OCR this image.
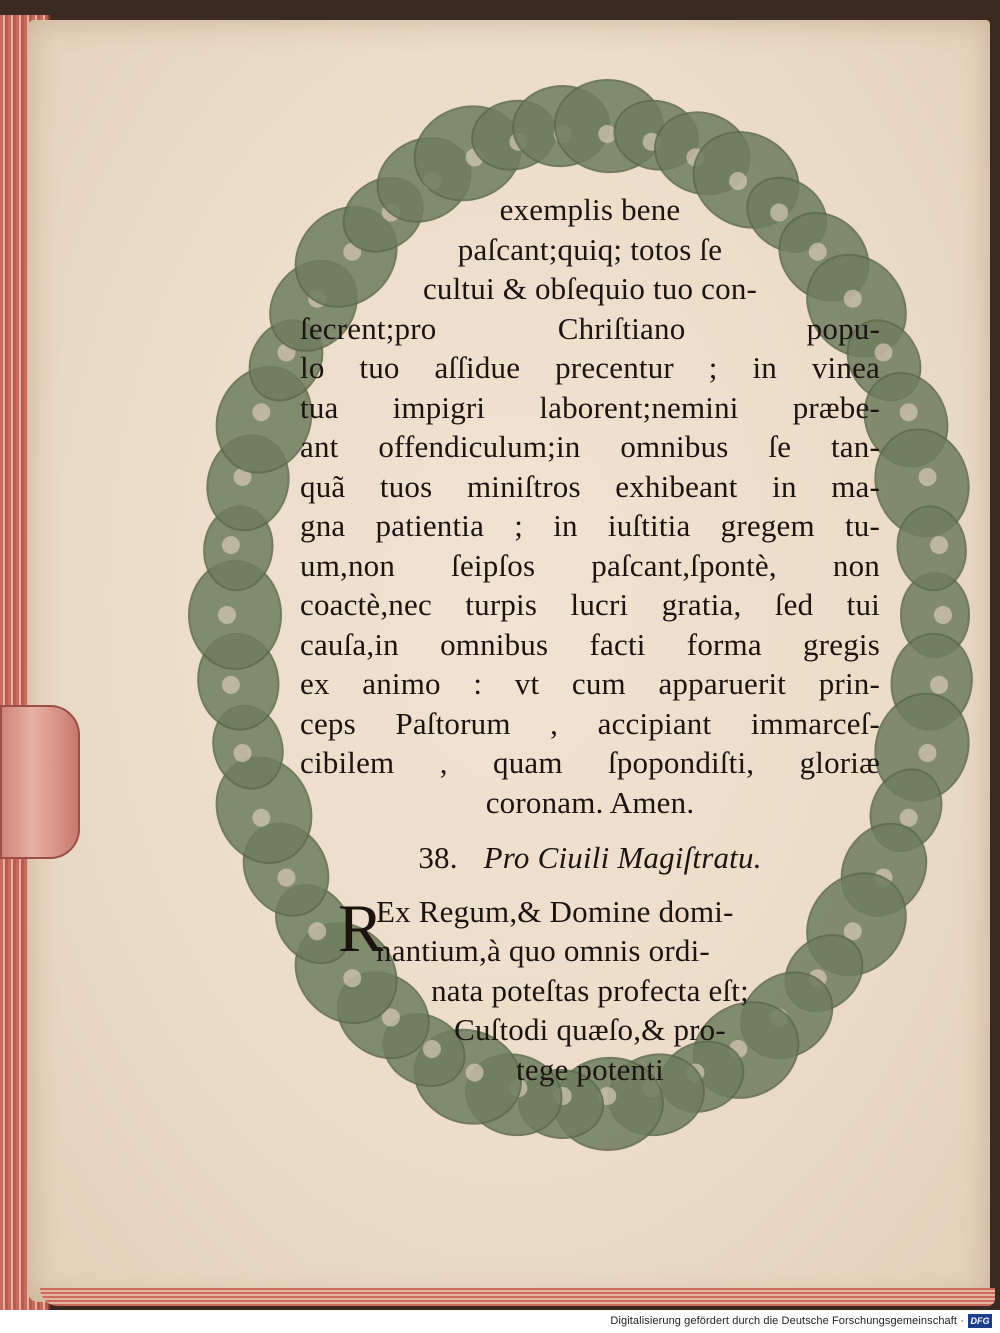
exemplis bene
paſcant;quiq; totos ſe
cultui & obſequio tuo con-
ſecrent;pro Chriſtiano popu-
lo tuo aſſidue precentur ; in vinea
tua impigri laborent;nemini præbe-
ant offendiculum;in omnibus ſe tan-
quã tuos miniſtros exhibeant in ma-
gna patientia ; in iuſtitia gregem tu-
um,non ſeipſos paſcant,ſpontè, non
coactè,nec turpis lucri gratia, ſed tui
cauſa,in omnibus facti forma gregis
ex animo : vt cum apparuerit prin-
ceps Paſtorum , accipiant immarceſ-
cibilem , quam ſpopondiſti, gloriæ
coronam. Amen.
38. Pro Ciuili Magiſtratu.
R
Ex Regum,& Domine domi-
nantium,à quo omnis ordi-
nata poteſtas profecta eſt;
Cuſtodi quæſo,& pro-
tege potenti
Digitalisierung gefördert durch die Deutsche Forschungsgemeinschaft · DFG
